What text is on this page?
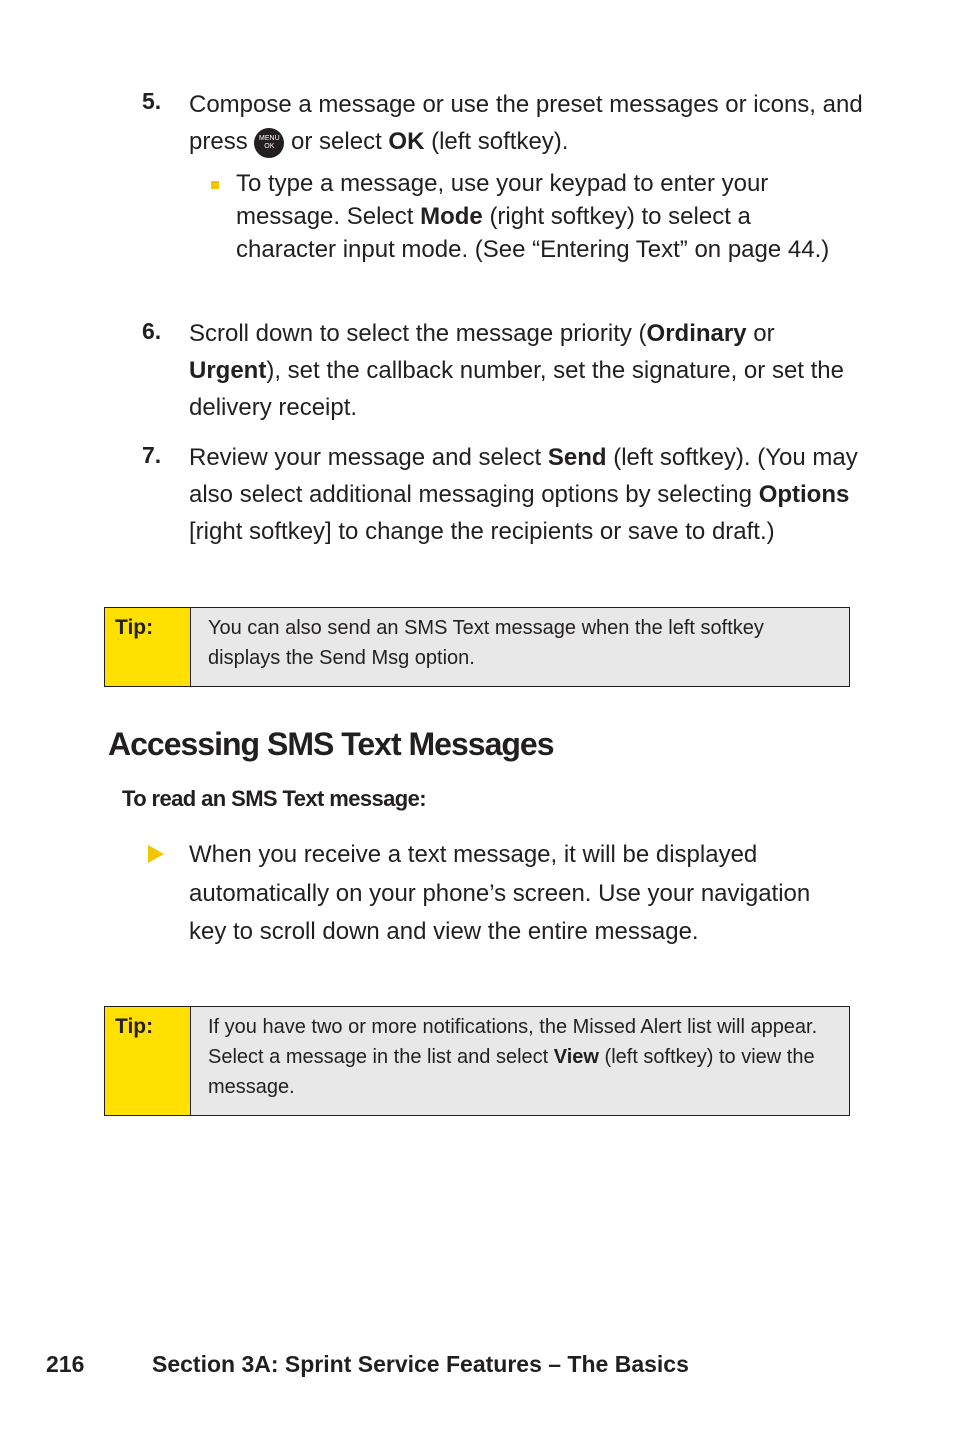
5. Compose a message or use the preset messages or icons, and press MENU
OK or select OK (left softkey).
To type a message, use your keypad to enter your message. Select Mode (right softkey) to select a character input mode. (See “Entering Text” on page 44.)
6. Scroll down to select the message priority (Ordinary or Urgent), set the callback number, set the signature, or set the delivery receipt.
7. Review your message and select Send (left softkey). (You may also select additional messaging options by selecting Options [right softkey] to change the recipients or save to draft.)
Tip:	You can also send an SMS Text message when the left softkey displays the Send Msg option.
Accessing SMS Text Messages
To read an SMS Text message:
When you receive a text message, it will be displayed automatically on your phone’s screen. Use your navigation key to scroll down and view the entire message.
Tip:	If you have two or more notifications, the Missed Alert list will appear. Select a message in the list and select View (left softkey) to view the message.
216	Section 3A: Sprint Service Features – The Basics
